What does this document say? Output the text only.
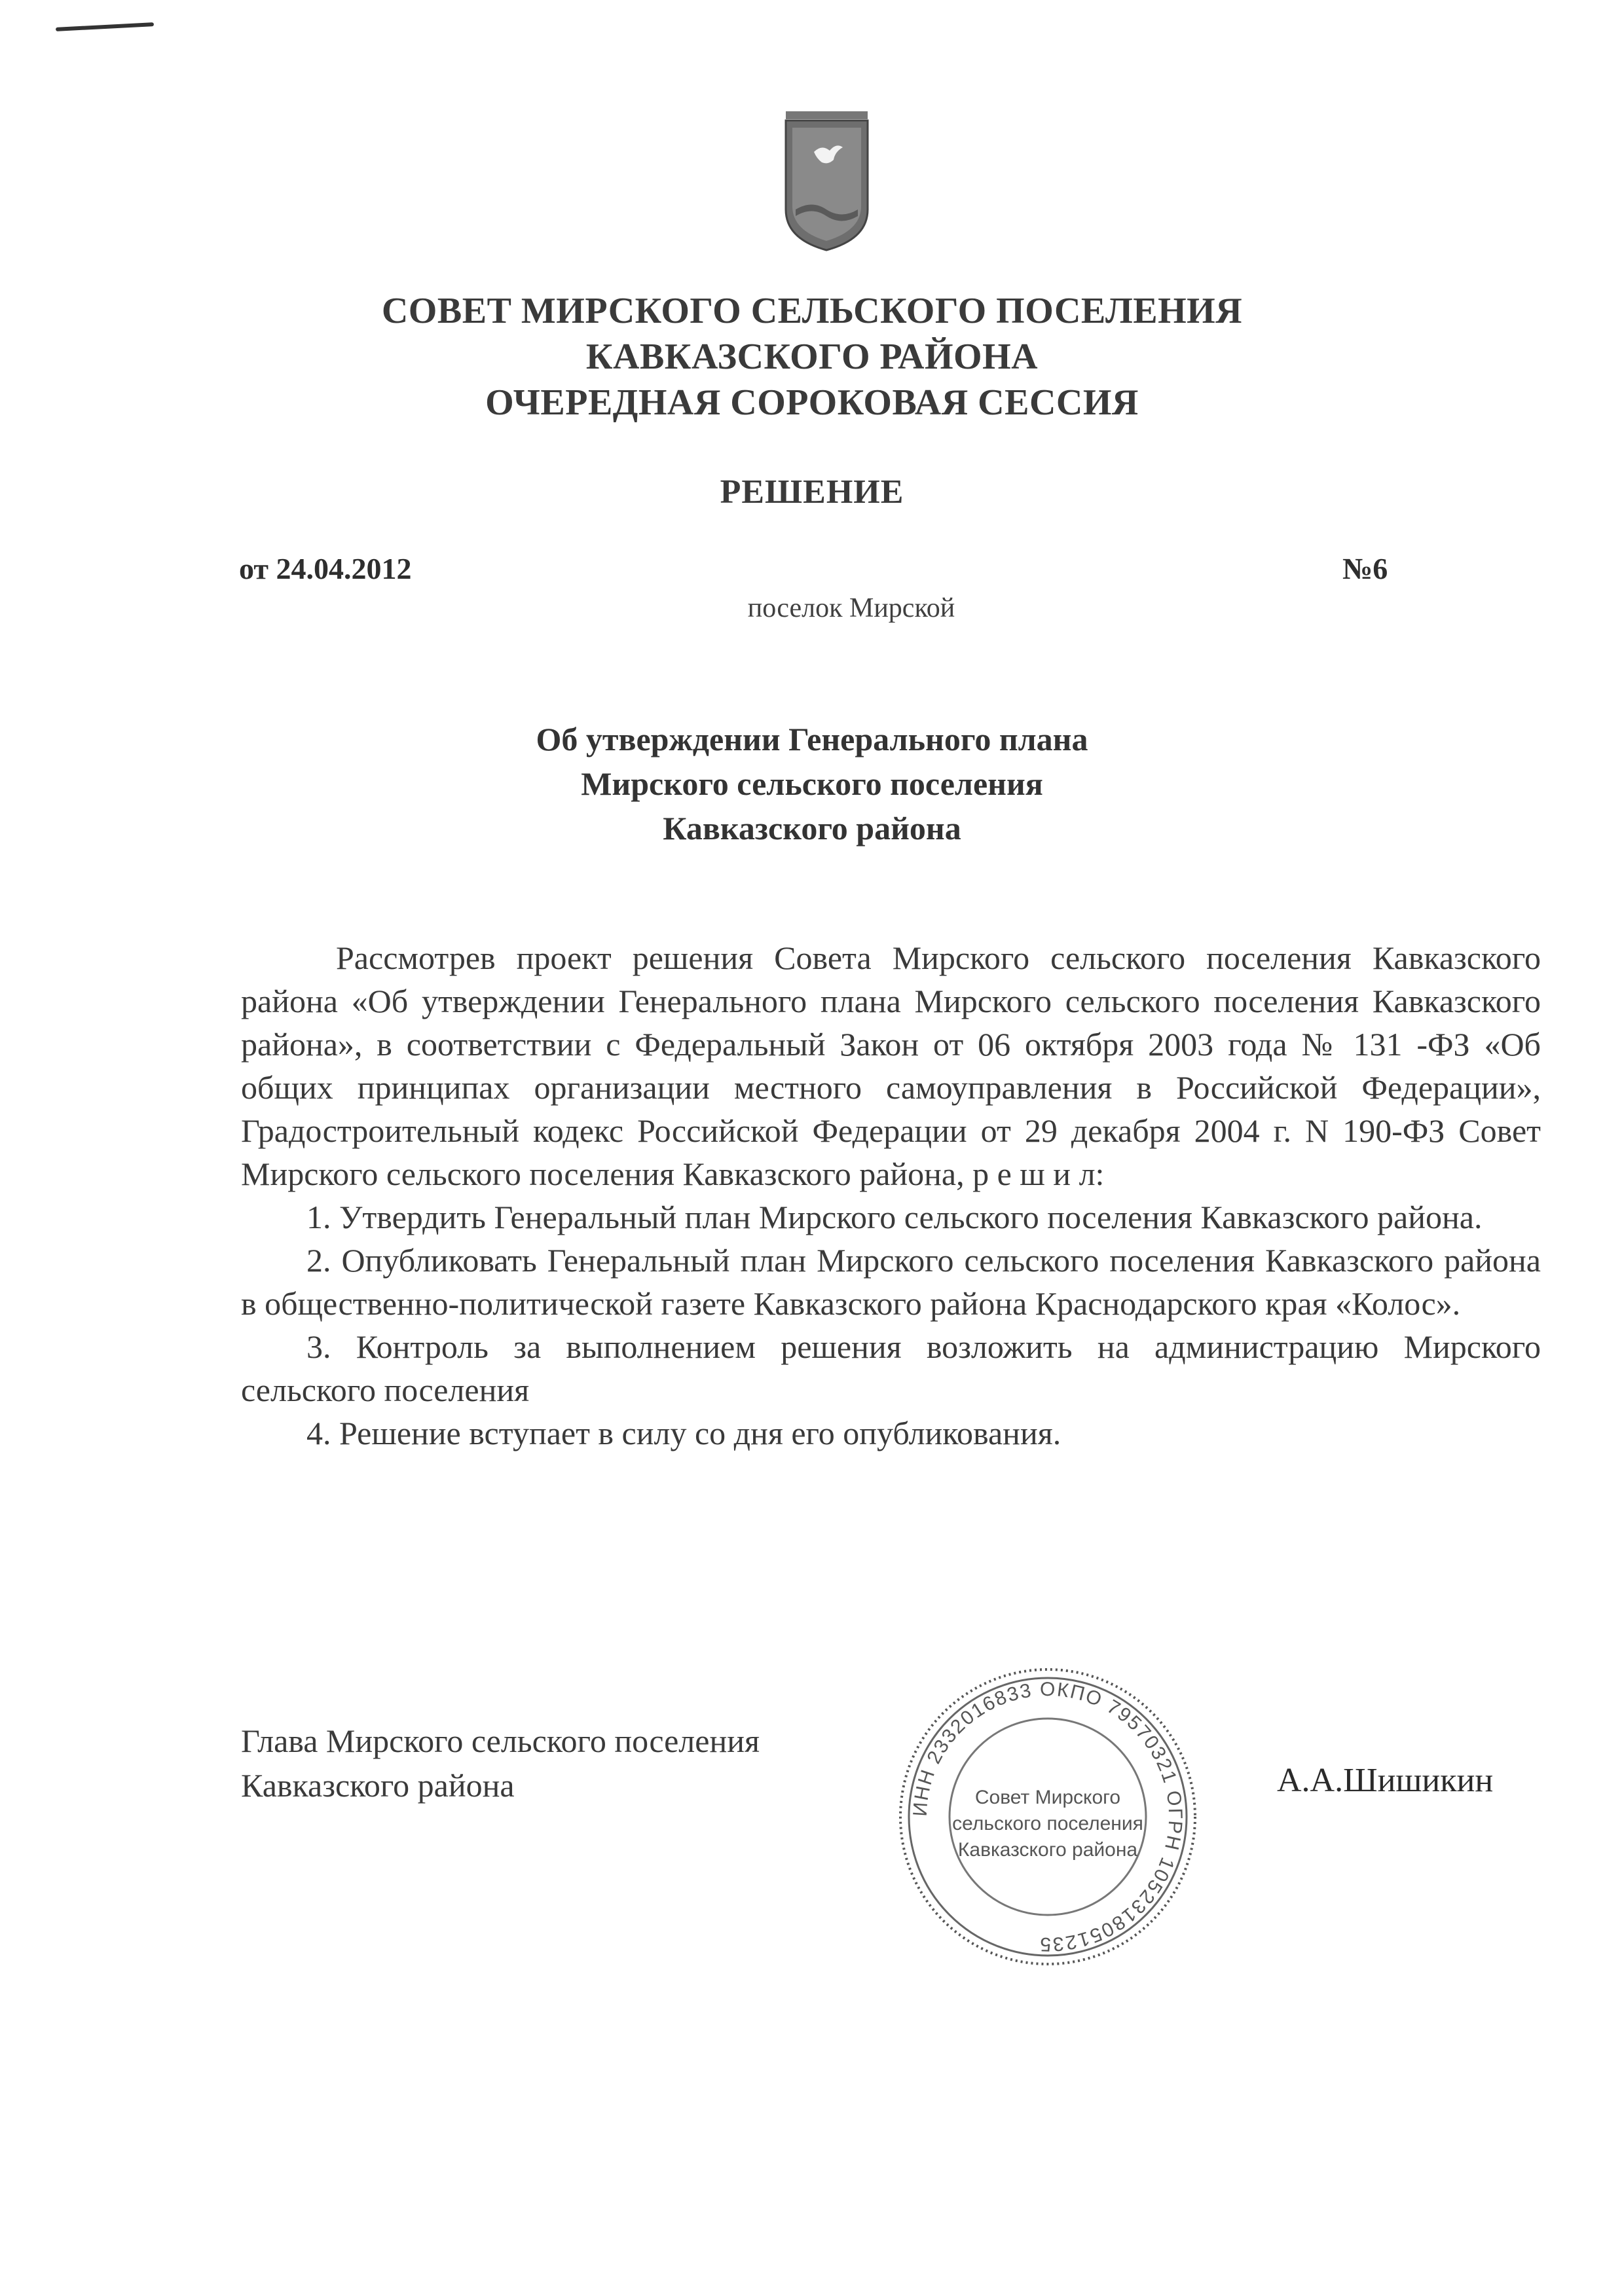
СОВЕТ МИРСКОГО СЕЛЬСКОГО ПОСЕЛЕНИЯ
КАВКАЗСКОГО РАЙОНА
ОЧЕРЕДНАЯ СОРОКОВАЯ СЕССИЯ
РЕШЕНИЕ
от 24.04.2012	№6
поселок Мирской
Об утверждении Генерального плана
Мирского сельского поселения
Кавказского района

Рассмотрев проект решения Совета Мирского сельского поселения Кавказского района «Об утверждении Генерального плана Мирского сельского поселения Кавказского района», в соответствии с Федеральный Закон от 06 октября 2003 года № 131 -ФЗ «Об общих принципах организации местного самоуправления в Российской Федерации», Градостроительный кодекс Российской Федерации от 29 декабря 2004 г. N 190-ФЗ Совет Мирского сельского поселения Кавказского района, р е ш и л:

1. Утвердить Генеральный план Мирского сельского поселения Кавказского района.

2. Опубликовать Генеральный план Мирского сельского поселения Кавказского района в общественно-политической газете Кавказского района Краснодарского края «Колос».

3. Контроль за выполнением решения возложить на администрацию Мирского сельского поселения

4. Решение вступает в силу со дня его опубликования.

Глава Мирского сельского поселения
Кавказского района
ИНН 2332016833 ОКПО 79570321 ОГРН 1052318051235
Совет Мирского
сельского поселения
Кавказского района
А.А.Шишикин
